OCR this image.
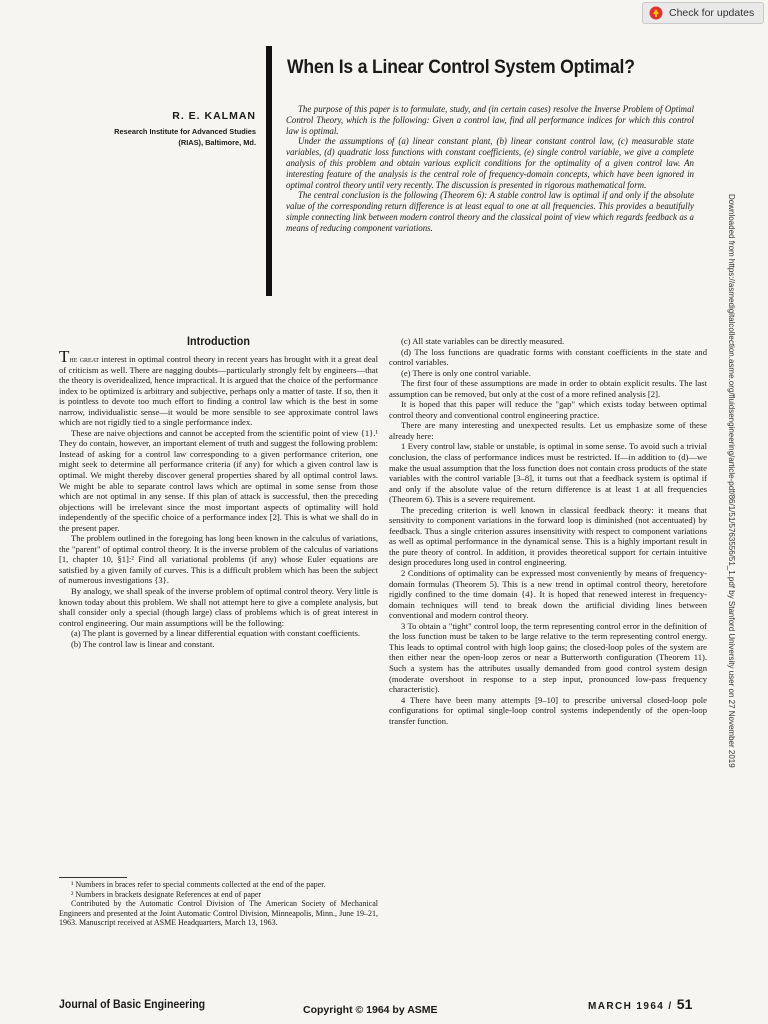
Check for updates
When Is a Linear Control System Optimal?
R. E. KALMAN
Research Institute for Advanced Studies
(RIAS), Baltimore, Md.

The purpose of this paper is to formulate, study, and (in certain cases) resolve the Inverse Problem of Optimal Control Theory, which is the following: Given a control law, find all performance indices for which this control law is optimal.

Under the assumptions of (a) linear constant plant, (b) linear constant control law, (c) measurable state variables, (d) quadratic loss functions with constant coefficients, (e) single control variable, we give a complete analysis of this problem and obtain various explicit conditions for the optimality of a given control law. An interesting feature of the analysis is the central role of frequency-domain concepts, which have been ignored in optimal control theory until very recently. The discussion is presented in rigorous mathematical form.

The central conclusion is the following (Theorem 6): A stable control law is optimal if and only if the absolute value of the corresponding return difference is at least equal to one at all frequencies. This provides a beautifully simple connecting link between modern control theory and the classical point of view which regards feedback as a means of reducing component variations.	Downloaded from https://asmedigitalcollection.asme.org/fluidsengineering/article-pdf/86/1/51/5763556/51_1.pdf by Stanford University user on 27 November 2019
Introduction

The great interest in optimal control theory in recent years has brought with it a great deal of criticism as well. There are nagging doubts—particularly strongly felt by engineers—that the theory is overidealized, hence impractical. It is argued that the choice of the performance index to be optimized is arbitrary and subjective, perhaps only a matter of taste. If so, then it is pointless to devote too much effort to finding a control law which is the best in some narrow, individualistic sense—it would be more sensible to see approximate control laws which are not rigidly tied to a single performance index.

These are naive objections and cannot be accepted from the scientific point of view {1}.¹ They do contain, however, an important element of truth and suggest the following problem: Instead of asking for a control law corresponding to a given performance criterion, one might seek to determine all performance criteria (if any) for which a given control law is optimal. We might thereby discover general properties shared by all optimal control laws. We might be able to separate control laws which are optimal in some sense from those which are not optimal in any sense. If this plan of attack is successful, then the preceding objections will be irrelevant since the most important aspects of optimality will hold independently of the specific choice of a performance index [2]. This is what we shall do in the present paper.

The problem outlined in the foregoing has long been known in the calculus of variations, the "parent" of optimal control theory. It is the inverse problem of the calculus of variations [1, chapter 10, §1]:² Find all variational problems (if any) whose Euler equations are satisfied by a given family of curves. This is a difficult problem which has been the subject of numerous investigations {3}.

By analogy, we shall speak of the inverse problem of optimal control theory. Very little is known today about this problem. We shall not attempt here to give a complete analysis, but shall consider only a special (though large) class of problems which is of great interest in control engineering. Our main assumptions will be the following:

(a) The plant is governed by a linear differential equation with constant coefficients.

(b) The control law is linear and constant.

¹ Numbers in braces refer to special comments collected at the end of the paper.

² Numbers in brackets designate References at end of paper

Contributed by the Automatic Control Division of The American Society of Mechanical Engineers and presented at the Joint Automatic Control Division, Minneapolis, Minn., June 19–21, 1963. Manuscript received at ASME Headquarters, March 13, 1963.

(c) All state variables can be directly measured.

(d) The loss functions are quadratic forms with constant coefficients in the state and control variables.

(e) There is only one control variable.

The first four of these assumptions are made in order to obtain explicit results. The last assumption can be removed, but only at the cost of a more refined analysis [2].

It is hoped that this paper will reduce the "gap" which exists today between optimal control theory and conventional control engineering practice.

There are many interesting and unexpected results. Let us emphasize some of these already here:

1 Every control law, stable or unstable, is optimal in some sense. To avoid such a trivial conclusion, the class of performance indices must be restricted. If—in addition to (d)—we make the usual assumption that the loss function does not contain cross products of the state variables with the control variable [3–8], it turns out that a feedback system is optimal if and only if the absolute value of the return difference is at least 1 at all frequencies (Theorem 6). This is a severe requirement.

The preceding criterion is well known in classical feedback theory: it means that sensitivity to component variations in the forward loop is diminished (not accentuated) by feedback. Thus a single criterion assures insensitivity with respect to component variations as well as optimal performance in the dynamical sense. This is a highly important result in the pure theory of control. In addition, it provides theoretical support for certain intuitive design procedures long used in control engineering.

2 Conditions of optimality can be expressed most conveniently by means of frequency-domain formulas (Theorem 5). This is a new trend in optimal control theory, heretofore rigidly confined to the time domain {4}. It is hoped that renewed interest in frequency-domain techniques will tend to break down the artificial dividing lines between conventional and modern control theory.

3 To obtain a "tight" control loop, the term representing control error in the definition of the loss function must be taken to be large relative to the term representing control energy. This leads to optimal control with high loop gains; the closed-loop poles of the system are then either near the open-loop zeros or near a Butterworth configuration (Theorem 11). Such a system has the attributes usually demanded from good control system design (moderate overshoot in response to a step input, pronounced low-pass frequency characteristic).

4 There have been many attempts [9–10] to prescribe universal closed-loop pole configurations for optimal single-loop control systems independently of the open-loop transfer function.

Journal of Basic Engineering	Copyright © 1964 by ASME	MARCH 1964 / 51
